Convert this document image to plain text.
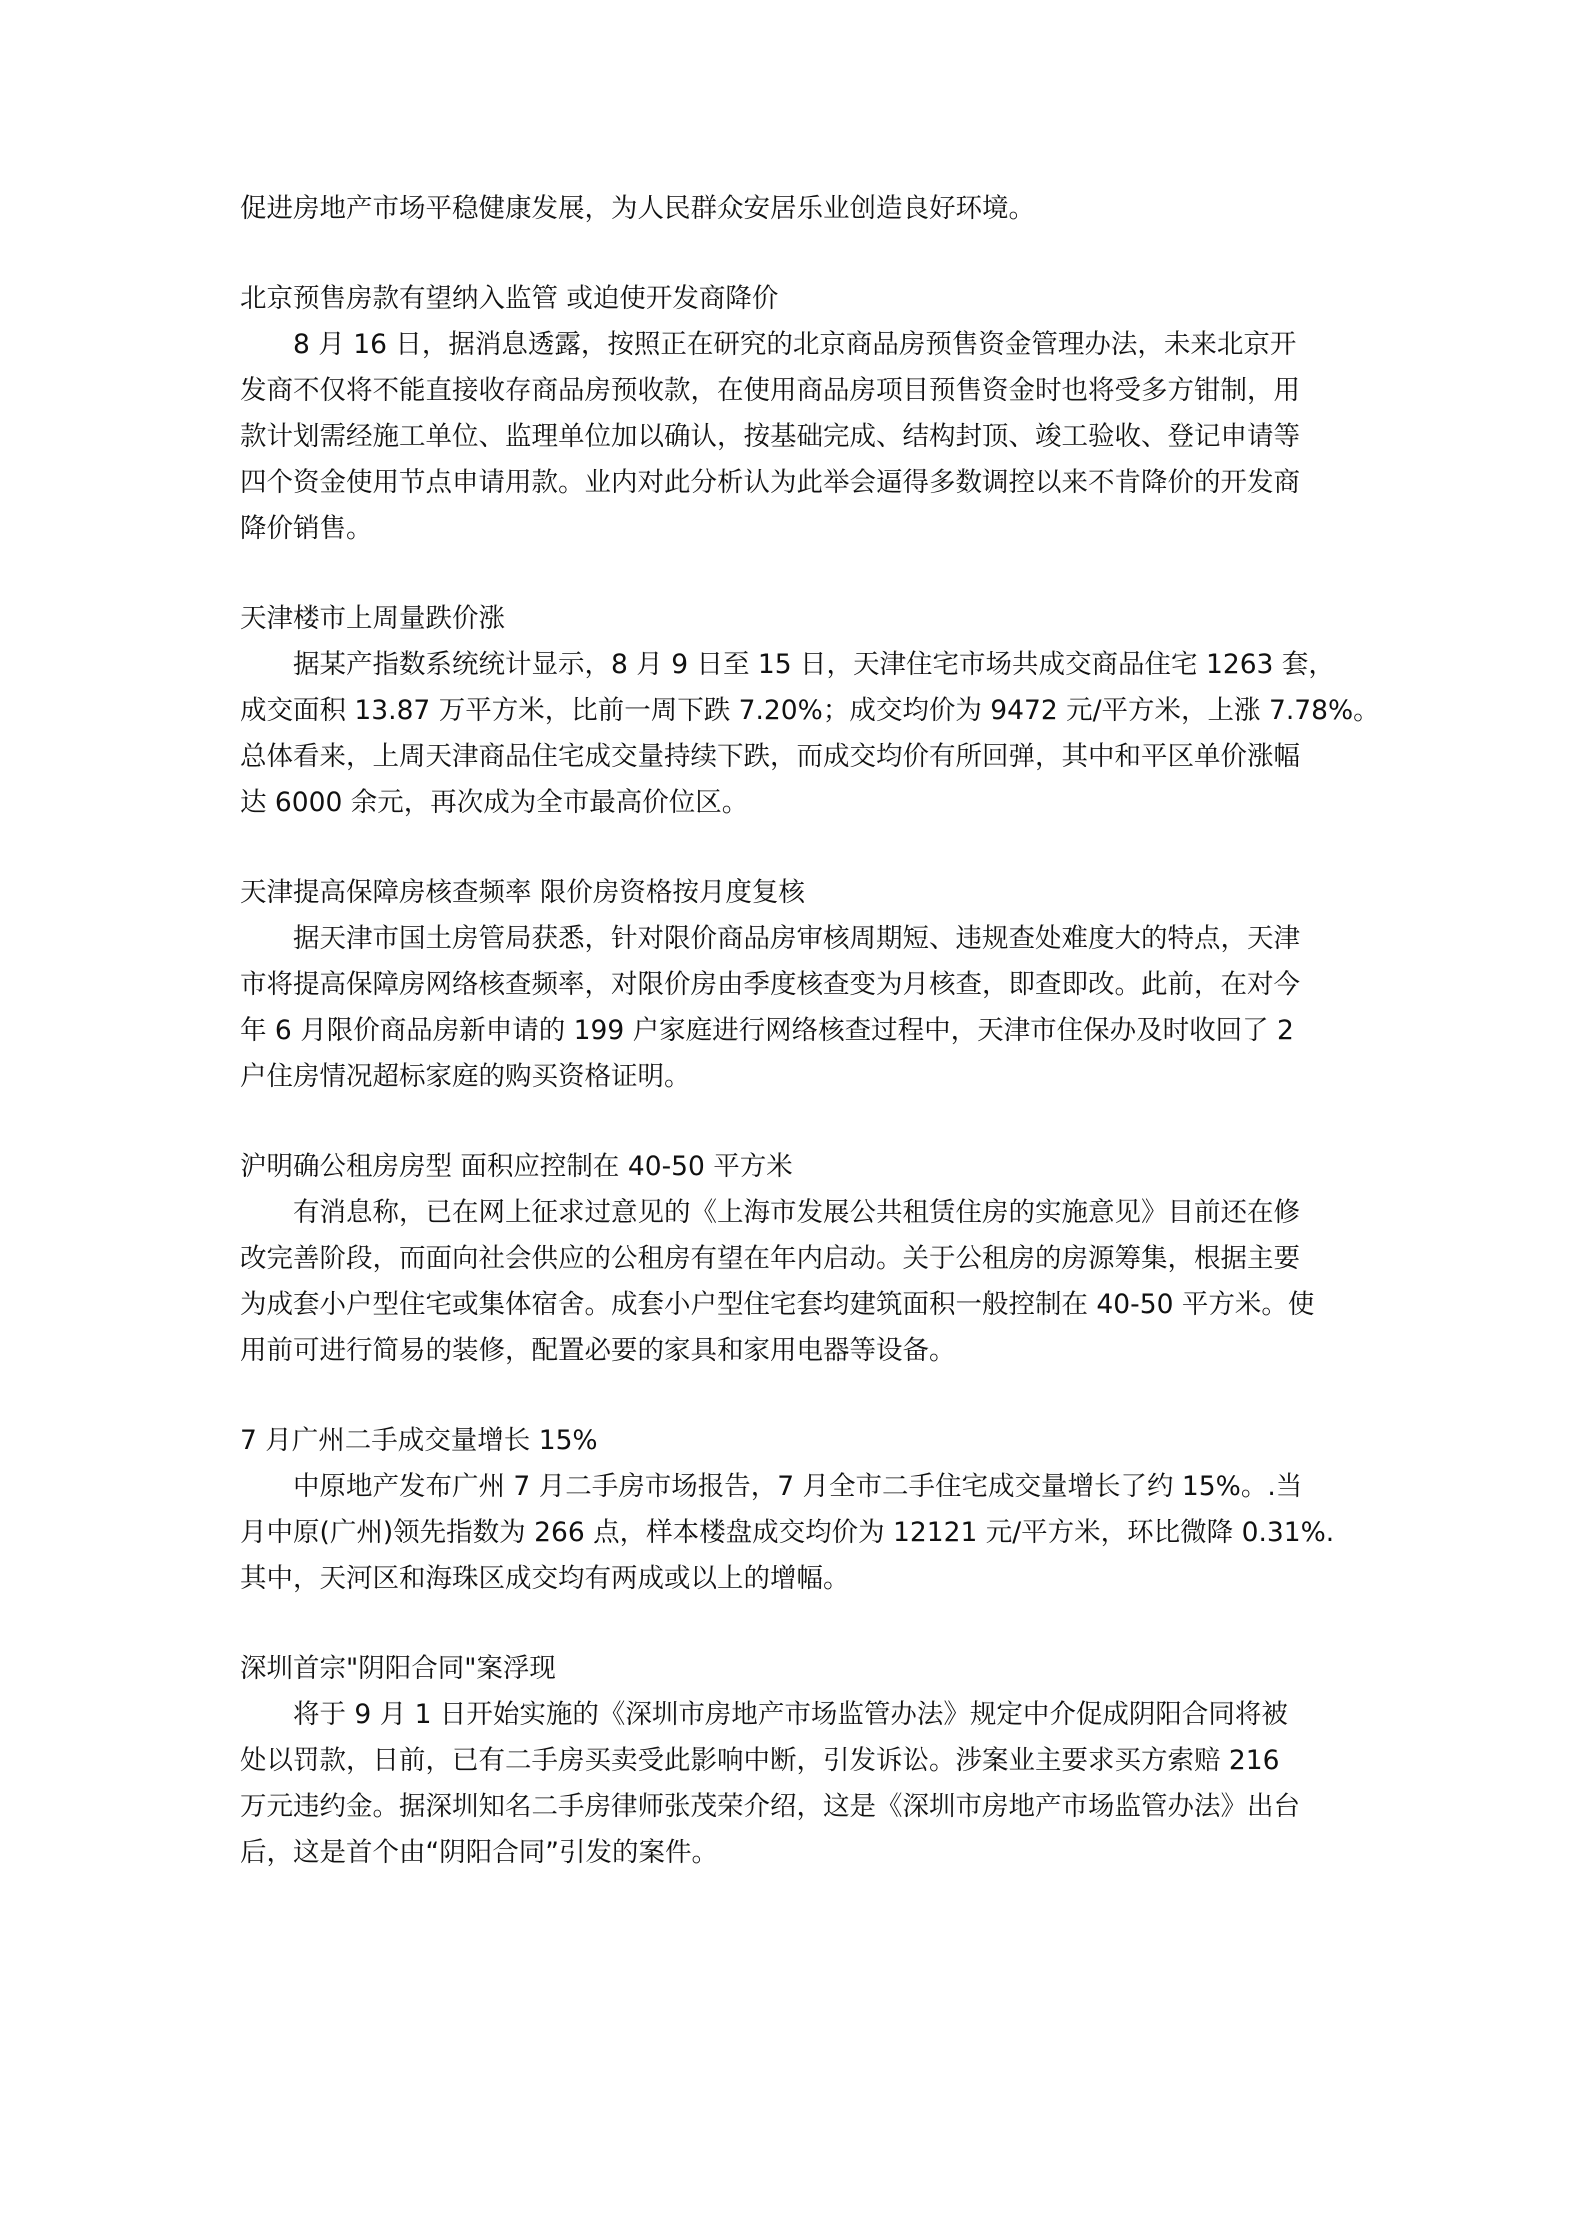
促进房地产市场平稳健康发展，为人民群众安居乐业创造良好环境。

北京预售房款有望纳入监管 或迫使开发商降价

8 月 16 日，据消息透露，按照正在研究的北京商品房预售资金管理办法，未来北京开
发商不仅将不能直接收存商品房预收款，在使用商品房项目预售资金时也将受多方钳制，用
款计划需经施工单位、监理单位加以确认，按基础完成、结构封顶、竣工验收、登记申请等
四个资金使用节点申请用款。业内对此分析认为此举会逼得多数调控以来不肯降价的开发商
降价销售。

天津楼市上周量跌价涨

据某产指数系统统计显示，8 月 9 日至 15 日，天津住宅市场共成交商品住宅 1263 套，
成交面积 13.87 万平方米，比前一周下跌 7.20%；成交均价为 9472 元/平方米，上涨 7.78%。
总体看来，上周天津商品住宅成交量持续下跌，而成交均价有所回弹，其中和平区单价涨幅
达 6000 余元，再次成为全市最高价位区。

天津提高保障房核查频率 限价房资格按月度复核

据天津市国土房管局获悉，针对限价商品房审核周期短、违规查处难度大的特点，天津
市将提高保障房网络核查频率，对限价房由季度核查变为月核查，即查即改。此前，在对今
年 6 月限价商品房新申请的 199 户家庭进行网络核查过程中，天津市住保办及时收回了 2
户住房情况超标家庭的购买资格证明。

沪明确公租房房型 面积应控制在 40-50 平方米

有消息称，已在网上征求过意见的《上海市发展公共租赁住房的实施意见》目前还在修
改完善阶段，而面向社会供应的公租房有望在年内启动。关于公租房的房源筹集，根据主要
为成套小户型住宅或集体宿舍。成套小户型住宅套均建筑面积一般控制在 40-50 平方米。使
用前可进行简易的装修，配置必要的家具和家用电器等设备。

7 月广州二手成交量增长 15%

中原地产发布广州 7 月二手房市场报告，7 月全市二手住宅成交量增长了约 15%。.当
月中原(广州)领先指数为 266 点，样本楼盘成交均价为 12121 元/平方米，环比微降 0.31%.
其中，天河区和海珠区成交均有两成或以上的增幅。

深圳首宗"阴阳合同"案浮现

将于 9 月 1 日开始实施的《深圳市房地产市场监管办法》规定中介促成阴阳合同将被
处以罚款，日前，已有二手房买卖受此影响中断，引发诉讼。涉案业主要求买方索赔 216
万元违约金。据深圳知名二手房律师张茂荣介绍，这是《深圳市房地产市场监管办法》出台
后，这是首个由“阴阳合同”引发的案件。
